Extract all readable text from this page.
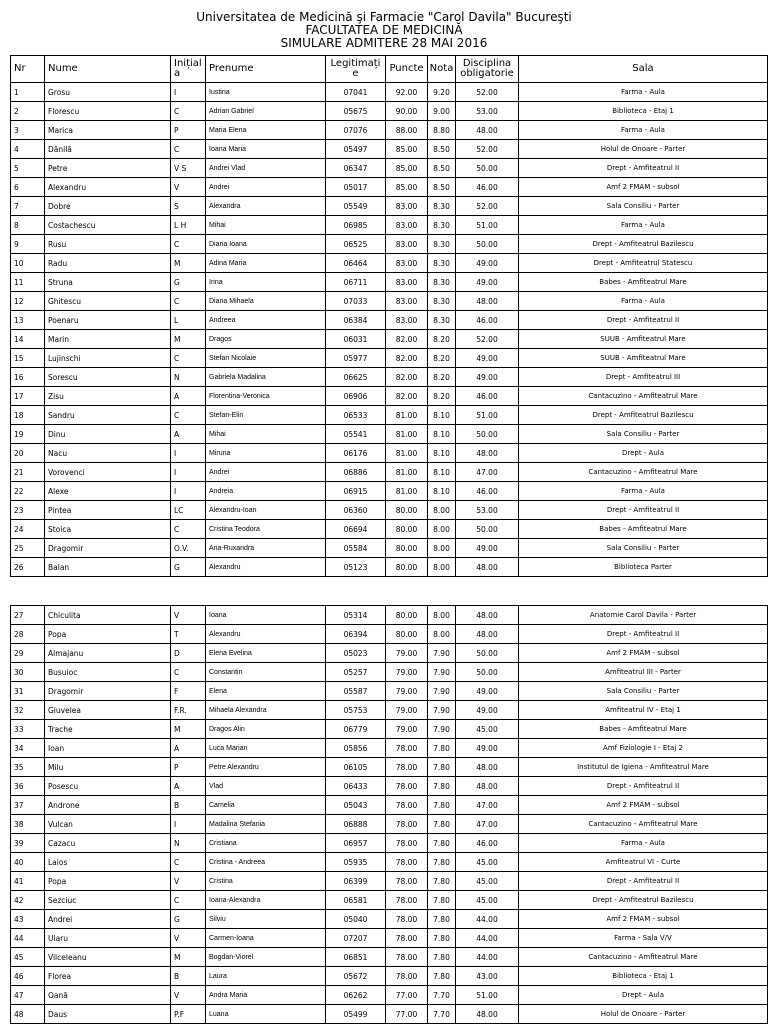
Universitatea de Medicină şi Farmacie "Carol Davila" Bucureşti
FACULTATEA DE MEDICINĂ
SIMULARE ADMITERE 28 MAI 2016
Nr	Nume	Inițial a	Prenume	Legitimați e	Puncte	Nota	Disciplina obligatorie	Sala
1	Grosu	I	Iustina	07041	92.00	9.20	52.00	Farma - Aula
2	Florescu	C	Adrian Gabriel	05675	90.00	9.00	53.00	Biblioteca - Etaj 1
3	Marica	P	Maria Elena	07076	88.00	8.80	48.00	Farma - Aula
4	Dănilă	C	Ioana Maria	05497	85.00	8.50	52.00	Holul de Onoare - Parter
5	Petre	V S	Andrei Vlad	06347	85.00	8.50	50.00	Drept - Amfiteatrul II
6	Alexandru	V	Andrei	05017	85.00	8.50	46.00	Amf 2 FMAM - subsol
7	Dobre	S	Alexandra	05549	83.00	8.30	52.00	Sala Consiliu - Parter
8	Costachescu	L H	Mihai	06985	83.00	8.30	51.00	Farma - Aula
9	Rusu	C	Diana Ioana	06525	83.00	8.30	50.00	Drept - Amfiteatrul Bazilescu
10	Radu	M	Adina Maria	06464	83.00	8.30	49.00	Drept - Amfiteatrul Statescu
11	Struna	G	Irina	06711	83.00	8.30	49.00	Babes - Amfiteatrul Mare
12	Ghitescu	C	Diana Mihaela	07033	83.00	8.30	48.00	Farma - Aula
13	Poenaru	L	Andreea	06384	83.00	8.30	46.00	Drept - Amfiteatrul II
14	Marin	M	Dragos	06031	82.00	8.20	52.00	SUUB - Amfiteatrul Mare
15	Lujinschi	C	Stefan Nicolaie	05977	82.00	8.20	49.00	SUUB - Amfiteatrul Mare
16	Sorescu	N	Gabriela Madalina	06625	82.00	8.20	49.00	Drept - Amfiteatrul III
17	Zisu	A	Florentina-Veronica	06906	82.00	8.20	46.00	Cantacuzino - Amfiteatrul Mare
18	Sandru	C	Stefan-Elin	06533	81.00	8.10	51.00	Drept - Amfiteatrul Bazilescu
19	Dinu	A	Mihai	05541	81.00	8.10	50.00	Sala Consiliu - Parter
20	Nacu	I	Miruna	06176	81.00	8.10	48.00	Drept - Aula
21	Vorovenci	I	Andrei	06886	81.00	8.10	47.00	Cantacuzino - Amfiteatrul Mare
22	Alexe	I	Andreia	06915	81.00	8.10	46.00	Farma - Aula
23	Pintea	LC	Alexandru-Ioan	06360	80.00	8.00	53.00	Drept - Amfiteatrul II
24	Stoica	C	Cristina Teodora	06694	80.00	8.00	50.00	Babes - Amfiteatrul Mare
25	Dragomir	O.V.	Ana-Ruxandra	05584	80.00	8.00	49.00	Sala Consiliu - Parter
26	Balan	G	Alexandru	05123	80.00	8.00	48.00	Biblioteca Parter
27	Chiculita	V	Ioana	05314	80.00	8.00	48.00	Anatomie Carol Davila - Parter
28	Popa	T	Alexandru	06394	80.00	8.00	48.00	Drept - Amfiteatrul II
29	Almajanu	D	Elena Evelina	05023	79.00	7.90	50.00	Amf 2 FMAM - subsol
30	Busuioc	C	Constantin	05257	79.00	7.90	50.00	Amfiteatrul III - Parter
31	Dragomir	F	Elena	05587	79.00	7.90	49.00	Sala Consiliu - Parter
32	Giuvelea	F.R.	Mihaela Alexandra	05753	79.00	7.90	49.00	Amfiteatrul IV - Etaj 1
33	Trache	M	Dragos Alin	06779	79.00	7.90	45.00	Babes - Amfiteatrul Mare
34	Ioan	A	Luca Marian	05856	78.00	7.80	49.00	Amf Fiziologie I - Etaj 2
35	Milu	P	Petre Alexandru	06105	78.00	7.80	48.00	Institutul de Igiena - Amfiteatrul Mare
36	Posescu	A	Vlad	06433	78.00	7.80	48.00	Drept - Amfiteatrul II
37	Androne	B	Camelia	05043	78.00	7.80	47.00	Amf 2 FMAM - subsol
38	Vulcan	I	Madalina Stefania	06888	78.00	7.80	47.00	Cantacuzino - Amfiteatrul Mare
39	Cazacu	N	Cristiana	06957	78.00	7.80	46.00	Farma - Aula
40	Laios	C	Cristina - Andreea	05935	78.00	7.80	45.00	Amfiteatrul VI - Curte
41	Popa	V	Cristina	06399	78.00	7.80	45.00	Drept - Amfiteatrul II
42	Sezciuc	C	Ioana-Alexandra	06581	78.00	7.80	45.00	Drept - Amfiteatrul Bazilescu
43	Andrei	G	Silviu	05040	78.00	7.80	44.00	Amf 2 FMAM - subsol
44	Ularu	V	Carmen-Ioana	07207	78.00	7.80	44.00	Farma - Sala V/V
45	Vilceleanu	M	Bogdan-Viorel	06851	78.00	7.80	44.00	Cantacuzino - Amfiteatrul Mare
46	Florea	B	Laura	05672	78.00	7.80	43.00	Biblioteca - Etaj 1
47	Oană	V	Andra Maria	06262	77.00	7.70	51.00	Drept - Aula
48	Daus	P.F	Luana	05499	77.00	7.70	48.00	Holul de Onoare - Parter
